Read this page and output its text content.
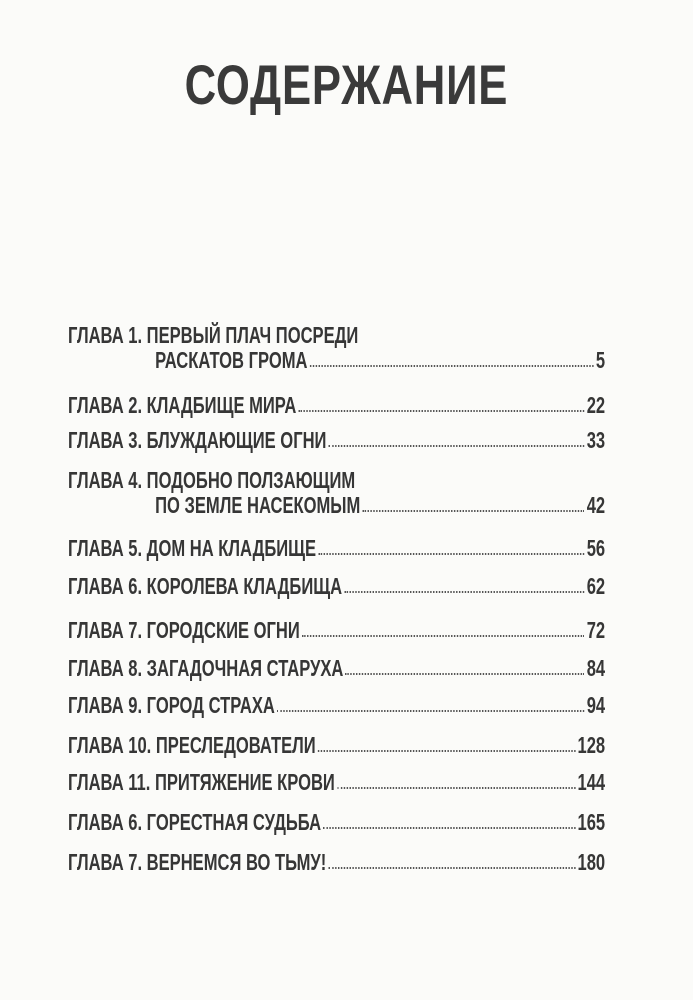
СОДЕРЖАНИЕ
ГЛАВА 1.
ПЕРВЫЙ ПЛАЧ ПОСРЕДИ
РАСКАТОВ ГРОМА	5
ГЛАВА 2.
КЛАДБИЩЕ МИРА	22
ГЛАВА 3.
БЛУЖДАЮЩИЕ ОГНИ	33
ГЛАВА 4.
ПОДОБНО ПОЛЗАЮЩИМ
ПО ЗЕМЛЕ НАСЕКОМЫМ	42
ГЛАВА 5.
ДОМ НА КЛАДБИЩЕ	56
ГЛАВА 6.
КОРОЛЕВА КЛАДБИЩА	62
ГЛАВА 7.
ГОРОДСКИЕ ОГНИ	72
ГЛАВА 8.
ЗАГАДОЧНАЯ СТАРУХА	84
ГЛАВА 9.
ГОРОД СТРАХА	94
ГЛАВА 10.
ПРЕСЛЕДОВАТЕЛИ	128
ГЛАВА 11.
ПРИТЯЖЕНИЕ КРОВИ	144
ГЛАВА 6.
ГОРЕСТНАЯ СУДЬБА	165
ГЛАВА 7.
ВЕРНЕМСЯ ВО ТЬМУ!	180
